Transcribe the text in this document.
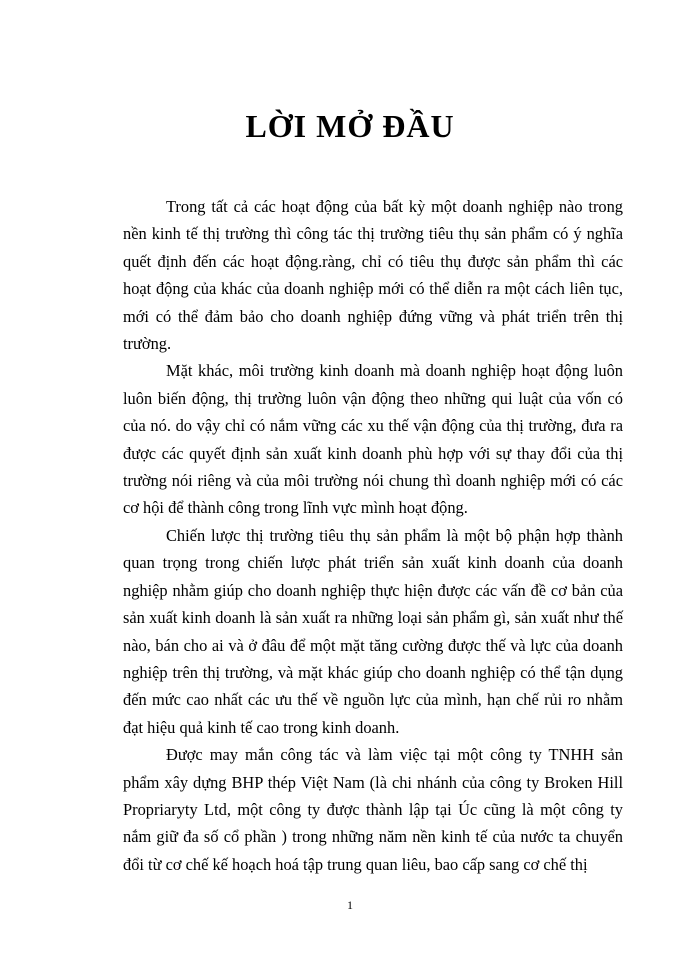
LỜI MỞ ĐẦU

Trong tất cả các hoạt động của bất kỳ một doanh nghiệp nào trong nền kinh tế thị trường thì công tác thị trường tiêu thụ sản phẩm có ý nghĩa quết định đến các hoạt động.ràng, chỉ có tiêu thụ được sản phẩm thì các hoạt động của khác của doanh nghiệp mới có thể diễn ra một cách liên tục, mới có thể đảm bảo cho doanh nghiệp đứng vững và phát triển trên thị trường.

Mặt khác, môi trường kinh doanh mà doanh nghiệp hoạt động luôn luôn biến động, thị trường luôn vận động theo những qui luật của vốn có của nó. do vậy chỉ có nắm vững các xu thế vận động của thị trường, đưa ra được các quyết định sản xuất kinh doanh phù hợp với sự thay đổi của thị trường nói riêng và của môi trường nói chung thì doanh nghiệp mới có các cơ hội để thành công trong lĩnh vực mình hoạt động.

Chiến lược thị trường tiêu thụ sản phẩm là một bộ phận hợp thành quan trọng trong chiến lược phát triển sản xuất kinh doanh của doanh nghiệp nhằm giúp cho doanh nghiệp thực hiện được các vấn đề cơ bản của sản xuất kinh doanh là sản xuất ra những loại sản phẩm gì, sản xuất như thế nào, bán cho ai và ở đâu để một mặt tăng cường được thế và lực của doanh nghiệp trên thị trường, và mặt khác giúp cho doanh nghiệp có thể tận dụng đến mức cao nhất các ưu thế về nguồn lực của mình, hạn chế rủi ro nhằm đạt hiệu quả kinh tế cao trong kinh doanh.

Được may mắn công tác và làm việc tại một công ty TNHH sản phẩm xây dựng BHP thép Việt Nam (là chi nhánh của công ty Broken Hill Propriaryty Ltd, một công ty được thành lập tại Úc cũng là một công ty nắm giữ đa số cổ phần ) trong những năm nền kinh tế của nước ta chuyển đổi từ cơ chế kế hoạch hoá tập trung quan liêu, bao cấp sang cơ chế thị

1
